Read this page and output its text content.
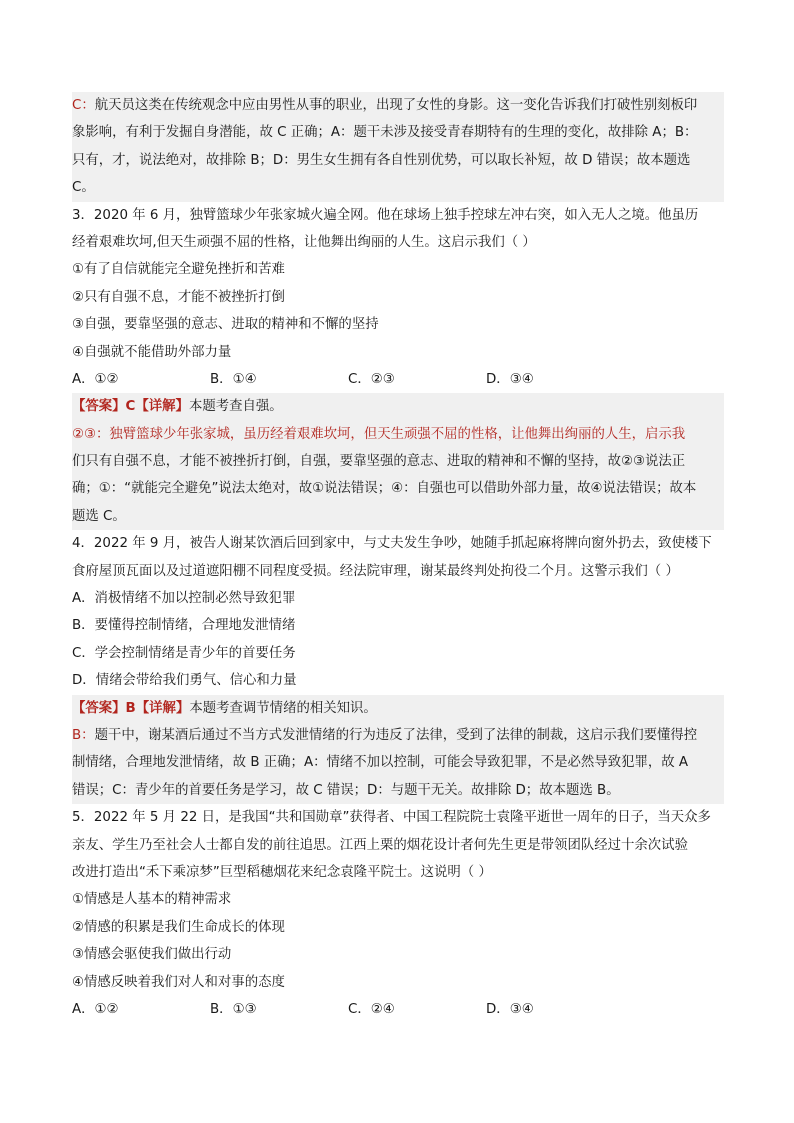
C：航天员这类在传统观念中应由男性从事的职业，出现了女性的身影。这一变化告诉我们打破性别刻板印
象影响，有利于发掘自身潜能，故 C 正确；A：题干未涉及接受青春期特有的生理的变化，故排除 A；B：
只有，才，说法绝对，故排除 B；D：男生女生拥有各自性别优势，可以取长补短，故 D 错误；故本题选
C。
3．2020 年 6 月，独臂篮球少年张家城火遍全网。他在球场上独手控球左冲右突，如入无人之境。他虽历
经着艰难坎坷,但天生顽强不屈的性格，让他舞出绚丽的人生。这启示我们（ ）
①有了自信就能完全避免挫折和苦难
②只有自强不息，才能不被挫折打倒
③自强，要靠坚强的意志、进取的精神和不懈的坚持
④自强就不能借助外部力量
A．①②	B．①④	C．②③	D．③④
【答案】C【详解】本题考查自强。
②③：独臂篮球少年张家城，虽历经着艰难坎坷，但天生顽强不屈的性格，让他舞出绚丽的人生，启示我
们只有自强不息，才能不被挫折打倒，自强，要靠坚强的意志、进取的精神和不懈的坚持，故②③说法正
确；①：“就能完全避免”说法太绝对，故①说法错误；④：自强也可以借助外部力量，故④说法错误；故本
题选 C。
4．2022 年 9 月，被告人谢某饮酒后回到家中，与丈夫发生争吵，她随手抓起麻将牌向窗外扔去，致使楼下
食府屋顶瓦面以及过道遮阳棚不同程度受损。经法院审理，谢某最终判处拘役二个月。这警示我们（ ）
A．消极情绪不加以控制必然导致犯罪
B．要懂得控制情绪，合理地发泄情绪
C．学会控制情绪是青少年的首要任务
D．情绪会带给我们勇气、信心和力量
【答案】B【详解】本题考查调节情绪的相关知识。
B：题干中，谢某酒后通过不当方式发泄情绪的行为违反了法律，受到了法律的制裁，这启示我们要懂得控
制情绪，合理地发泄情绪，故 B 正确；A：情绪不加以控制，可能会导致犯罪，不是必然导致犯罪，故 A
错误；C：青少年的首要任务是学习，故 C 错误；D：与题干无关。故排除 D；故本题选 B。
5．2022 年 5 月 22 日，是我国“共和国勋章”获得者、中国工程院院士袁隆平逝世一周年的日子，当天众多
亲友、学生乃至社会人士都自发的前往追思。江西上栗的烟花设计者何先生更是带领团队经过十余次试验
改进打造出“禾下乘凉梦”巨型稻穗烟花来纪念袁隆平院士。这说明（ ）
①情感是人基本的精神需求
②情感的积累是我们生命成长的体现
③情感会驱使我们做出行动
④情感反映着我们对人和对事的态度
A．①②	B．①③	C．②④	D．③④
